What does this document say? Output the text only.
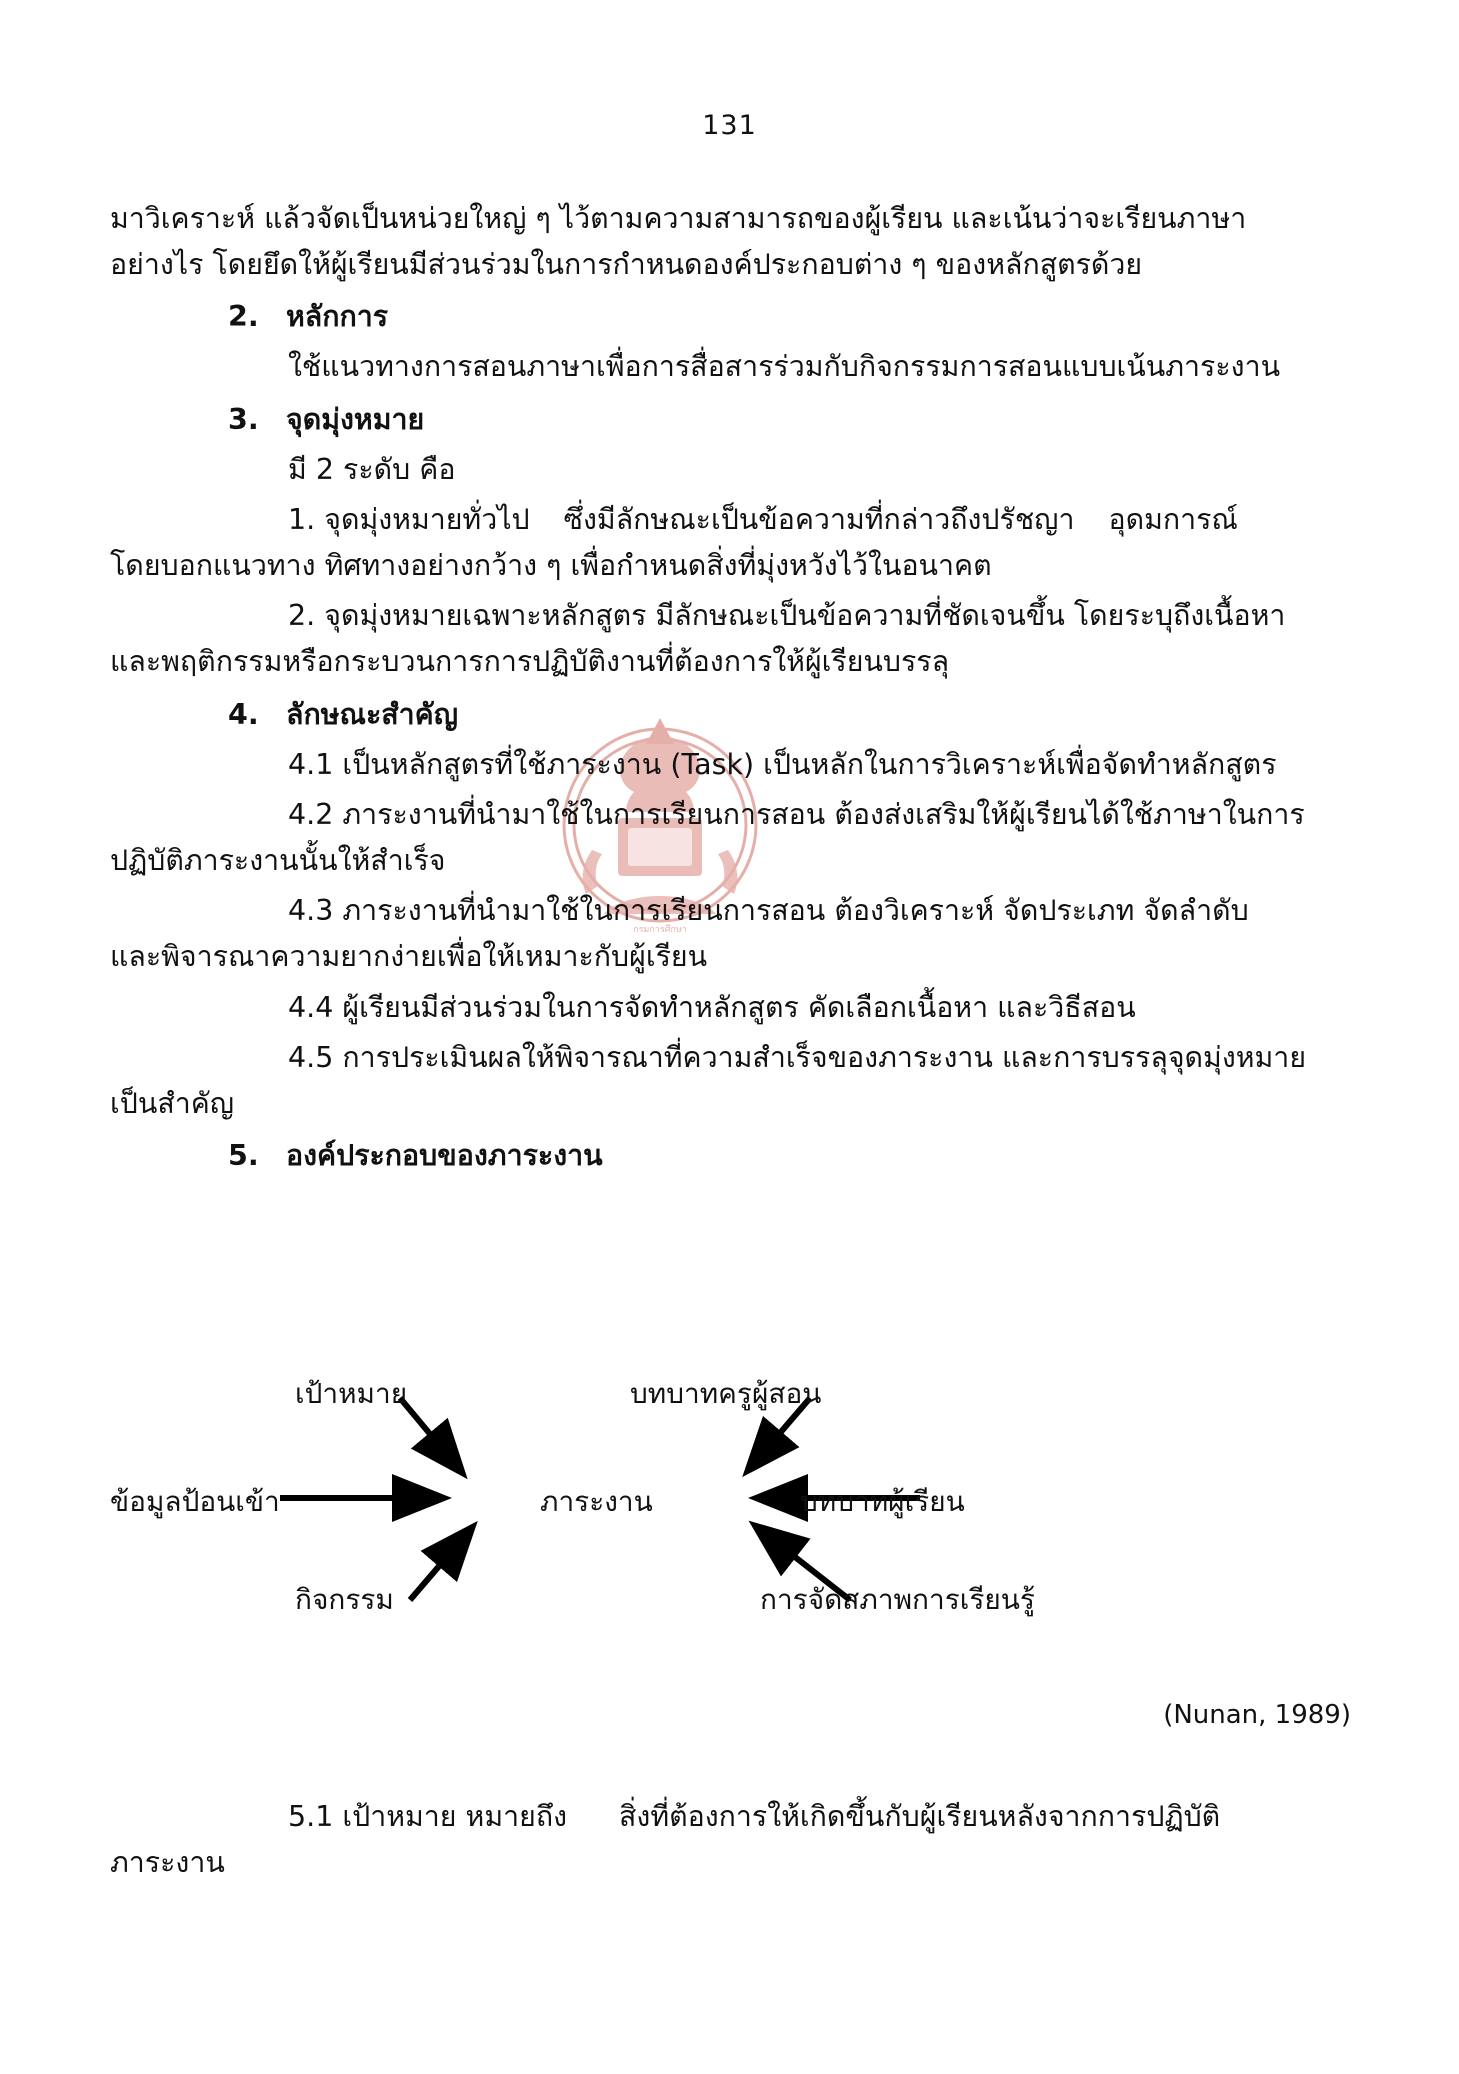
131
กรมการศึกษา

มาวิเคราะห์ แล้วจัดเป็นหน่วยใหญ่ ๆ ไว้ตามความสามารถของผู้เรียน และเน้นว่าจะเรียนภาษา

อย่างไร โดยยึดให้ผู้เรียนมีส่วนร่วมในการกำหนดองค์ประกอบต่าง ๆ ของหลักสูตรด้วย

2. หลักการ

ใช้แนวทางการสอนภาษาเพื่อการสื่อสารร่วมกับกิจกรรมการสอนแบบเน้นภาระงาน

3. จุดมุ่งหมาย

มี 2 ระดับ คือ

1. จุดมุ่งหมายทั่วไป ซึ่งมีลักษณะเป็นข้อความที่กล่าวถึงปรัชญา อุดมการณ์
โดยบอกแนวทาง ทิศทางอย่างกว้าง ๆ เพื่อกำหนดสิ่งที่มุ่งหวังไว้ในอนาคต

2. จุดมุ่งหมายเฉพาะหลักสูตร มีลักษณะเป็นข้อความที่ชัดเจนขึ้น โดยระบุถึงเนื้อหา
และพฤติกรรมหรือกระบวนการการปฏิบัติงานที่ต้องการให้ผู้เรียนบรรลุ

4. ลักษณะสำคัญ

4.1 เป็นหลักสูตรที่ใช้ภาระงาน (Task) เป็นหลักในการวิเคราะห์เพื่อจัดทำหลักสูตร

4.2 ภาระงานที่นำมาใช้ในการเรียนการสอน ต้องส่งเสริมให้ผู้เรียนได้ใช้ภาษาในการ
ปฏิบัติภาระงานนั้นให้สำเร็จ

4.3 ภาระงานที่นำมาใช้ในการเรียนการสอน ต้องวิเคราะห์ จัดประเภท จัดลำดับ
และพิจารณาความยากง่ายเพื่อให้เหมาะกับผู้เรียน

4.4 ผู้เรียนมีส่วนร่วมในการจัดทำหลักสูตร คัดเลือกเนื้อหา และวิธีสอน

4.5 การประเมินผลให้พิจารณาที่ความสำเร็จของภาระงาน และการบรรลุจุดมุ่งหมาย
เป็นสำคัญ

5. องค์ประกอบของภาระงาน

ภาระงาน
เป้าหมาย	บทบาทครูผู้สอน
ข้อมูลป้อนเข้า	บทบาทผู้เรียน
กิจกรรม	การจัดสภาพการเรียนรู้
(Nunan, 1989)

5.1 เป้าหมาย หมายถึง สิ่งที่ต้องการให้เกิดขึ้นกับผู้เรียนหลังจากการปฏิบัติ
ภาระงาน
